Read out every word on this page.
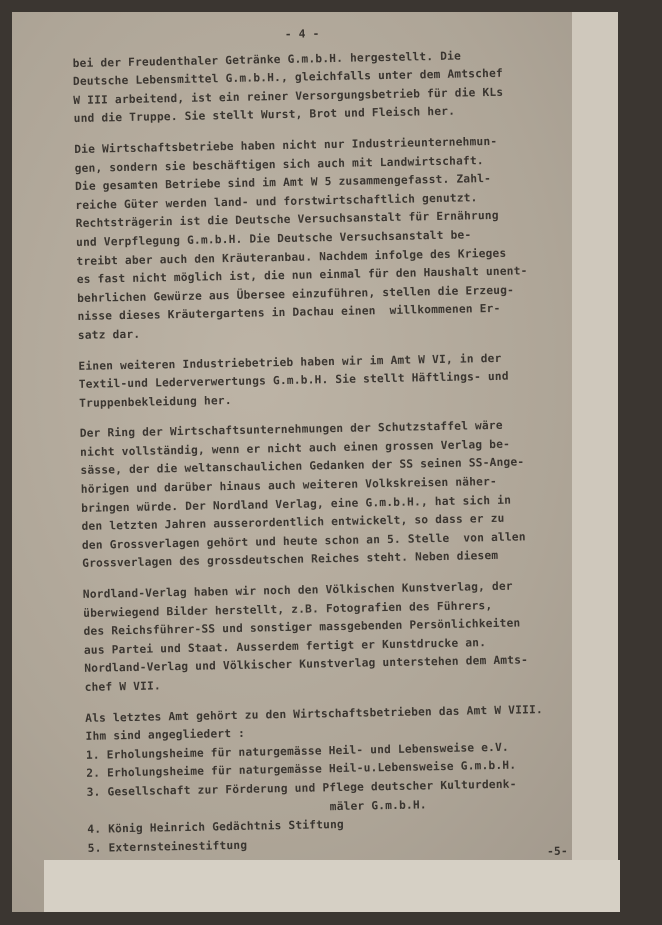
- 4 -
bei der Freudenthaler Getränke G.m.b.H. hergestellt. Die
Deutsche Lebensmittel G.m.b.H., gleichfalls unter dem Amtschef
W III arbeitend, ist ein reiner Versorgungsbetrieb für die KLs
und die Truppe. Sie stellt Wurst, Brot und Fleisch her.
Die Wirtschaftsbetriebe haben nicht nur Industrieunternehmun-
gen, sondern sie beschäftigen sich auch mit Landwirtschaft.
Die gesamten Betriebe sind im Amt W 5 zusammengefasst. Zahl-
reiche Güter werden land- und forstwirtschaftlich genutzt.
Rechtsträgerin ist die Deutsche Versuchsanstalt für Ernährung
und Verpflegung G.m.b.H. Die Deutsche Versuchsanstalt be-
treibt aber auch den Kräuteranbau. Nachdem infolge des Krieges
es fast nicht möglich ist, die nun einmal für den Haushalt unent-
behrlichen Gewürze aus Übersee einzuführen, stellen die Erzeug-
nisse dieses Kräutergartens in Dachau einen  willkommenen Er-
satz dar.
Einen weiteren Industriebetrieb haben wir im Amt W VI, in der
Textil-und Lederverwertungs G.m.b.H. Sie stellt Häftlings- und
Truppenbekleidung her.
Der Ring der Wirtschaftsunternehmungen der Schutzstaffel wäre
nicht vollständig, wenn er nicht auch einen grossen Verlag be-
sässe, der die weltanschaulichen Gedanken der SS seinen SS-Ange-
hörigen und darüber hinaus auch weiteren Volkskreisen näher-
bringen würde. Der Nordland Verlag, eine G.m.b.H., hat sich in
den letzten Jahren ausserordentlich entwickelt, so dass er zu
den Grossverlagen gehört und heute schon an 5. Stelle  von allen
Grossverlagen des grossdeutschen Reiches steht. Neben diesem
Nordland-Verlag haben wir noch den Völkischen Kunstverlag, der
überwiegend Bilder herstellt, z.B. Fotografien des Führers,
des Reichsführer-SS und sonstiger massgebenden Persönlichkeiten
aus Partei und Staat. Ausserdem fertigt er Kunstdrucke an.
Nordland-Verlag und Völkischer Kunstverlag unterstehen dem Amts-
chef W VII.
Als letztes Amt gehört zu den Wirtschaftsbetrieben das Amt W VIII.
Ihm sind angegliedert :
1. Erholungsheime für naturgemässe Heil- und Lebensweise e.V.
2. Erholungsheime für naturgemässe Heil-u.Lebensweise G.m.b.H.
3. Gesellschaft zur Förderung und Pflege deutscher Kulturdenk-
mäler G.m.b.H.
4. König Heinrich Gedächtnis Stiftung
5. Externsteinestiftung	-5-
